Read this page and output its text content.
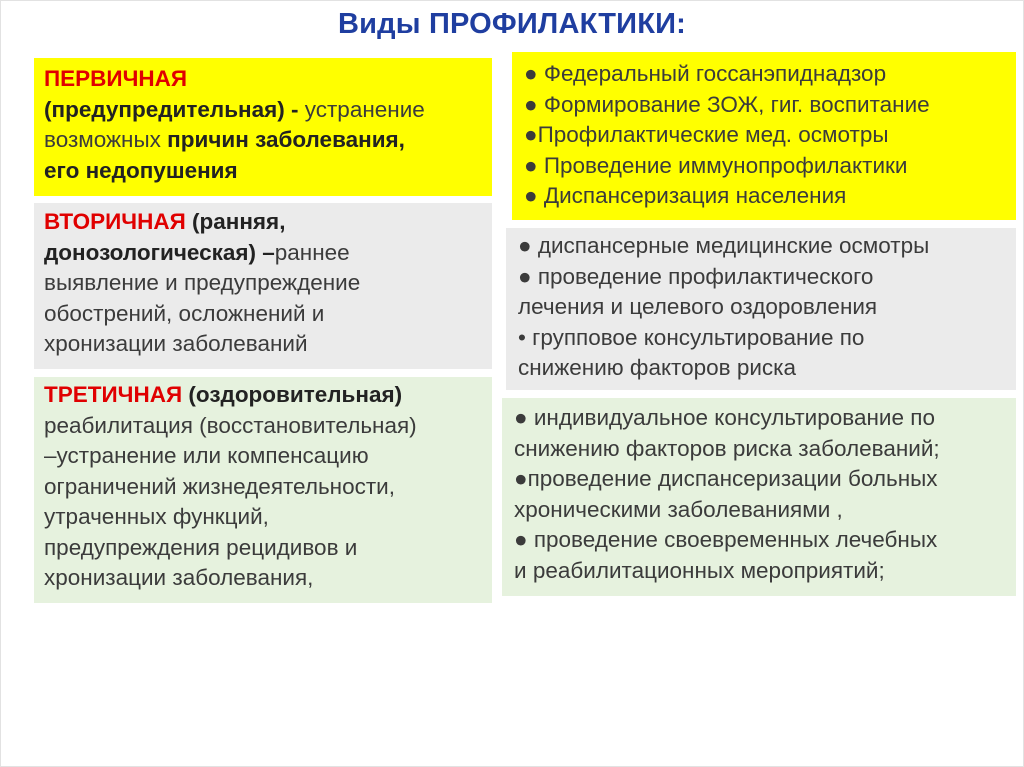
Виды ПРОФИЛАКТИКИ:
ПЕРВИЧНАЯ
(предупредительная) - устранение
возможных причин заболевания,
его недопушения
ВТОРИЧНАЯ (ранняя,
донозологическая) –раннее
выявление и предупреждение
обострений, осложнений и
хронизации заболеваний
ТРЕТИЧНАЯ (оздоровительная)
реабилитация (восстановительная)
–устранение или компенсацию
ограничений жизнедеятельности,
утраченных функций,
предупреждения рецидивов и
хронизации заболевания,
● Федеральный госсанэпиднадзор
● Формирование ЗОЖ, гиг. воспитание
●Профилактические мед. осмотры
● Проведение иммунопрофилактики
● Диспансеризация населения
● диспансерные медицинские осмотры
● проведение профилактического
лечения и целевого оздоровления
• групповое консультирование по
снижению факторов риска
● индивидуальное консультирование по
снижению факторов риска заболеваний;
●проведение диспансеризации больных
хроническими заболеваниями ,
● проведение своевременных лечебных
и реабилитационных мероприятий;
